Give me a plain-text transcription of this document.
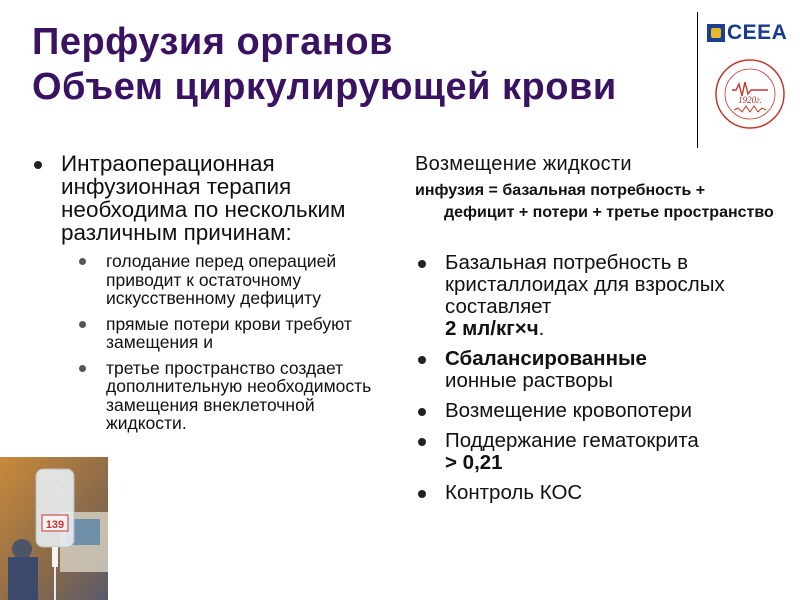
Перфузия органов
Объем циркулирующей крови
CEEA
1920г.
Интраоперационная инфузионная терапия необходима по нескольким различным причинам:
голодание перед операцией приводит к остаточному искусственному дефициту
прямые потери крови требуют замещения и
третье пространство создает дополнительную необходимость замещения внеклеточной жидкости.
Возмещение жидкости
инфузия = базальная потребность +
дефицит + потери + третье пространство
Базальная потребность в кристаллоидах для взрослых составляет
2 мл/кг×ч.
Сбалансированные
ионные растворы
Возмещение кровопотери
Поддержание гематокрита
> 0,21
Контроль КОС
139
